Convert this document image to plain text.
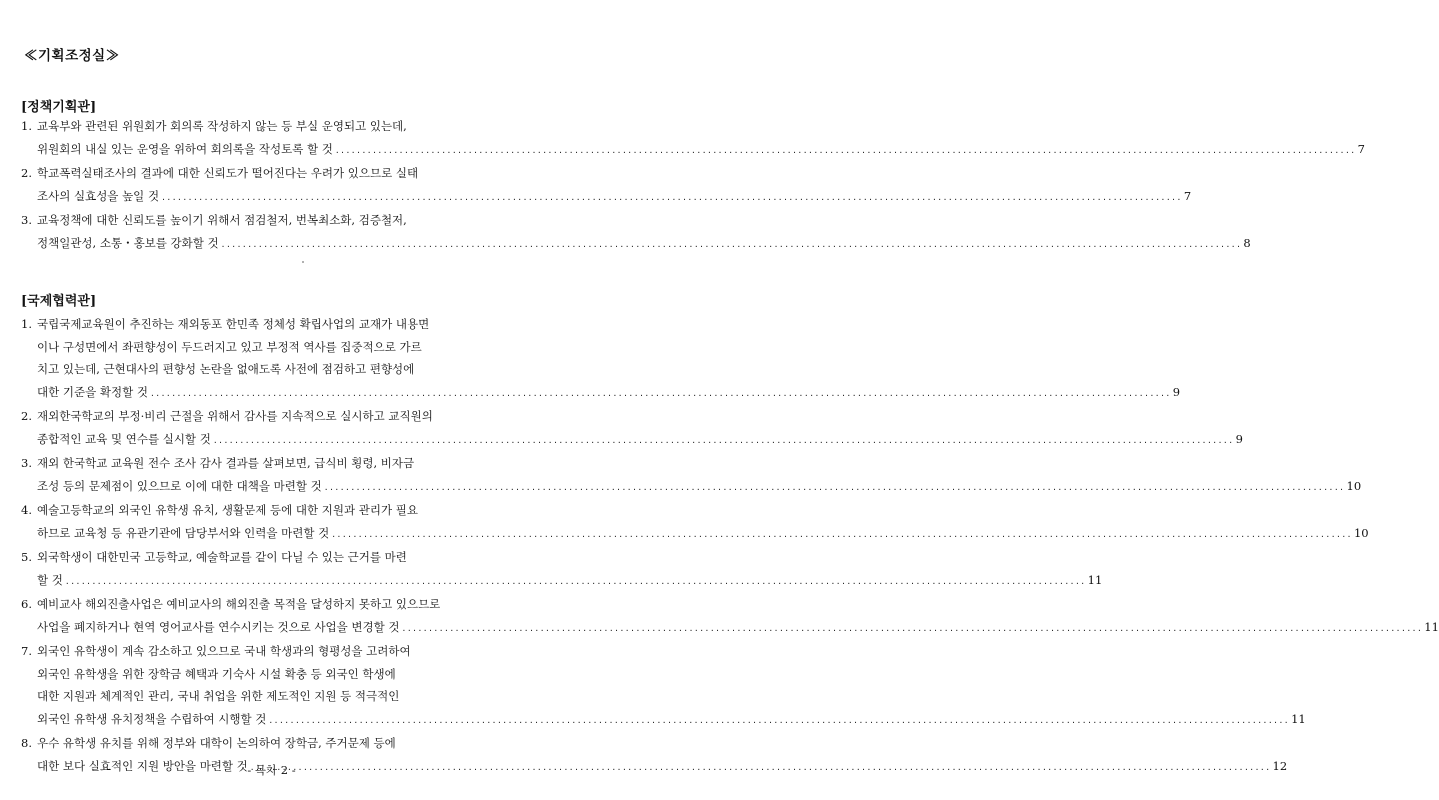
≪기획조정실≫
[정책기획관]
1. 교육부와 관련된 위원회가 회의록 작성하지 않는 등 부실 운영되고 있는데,
위원회의 내실 있는 운영을 위하여 회의록을 작성토록 할 것 .....	7
2. 학교폭력실태조사의 결과에 대한 신뢰도가 떨어진다는 우려가 있으므로 실태
조사의 실효성을 높일 것 .....	7
3. 교육정책에 대한 신뢰도를 높이기 위해서 점검철저, 번복최소화, 검증철저,
정책일관성, 소통・홍보를 강화할 것 .....	8
[국제협력관]
1. 국립국제교육원이 추진하는 재외동포 한민족 정체성 확립사업의 교재가 내용면
이나 구성면에서 좌편향성이 두드러지고 있고 부정적 역사를 집중적으로 가르
치고 있는데, 근현대사의 편향성 논란을 없애도록 사전에 점검하고 편향성에
대한 기준을 확정할 것 .....	9
2. 재외한국학교의 부정·비리 근절을 위해서 감사를 지속적으로 실시하고 교직원의
종합적인 교육 및 연수를 실시할 것 .....	9
3. 재외 한국학교 교육원 전수 조사 감사 결과를 살펴보면, 급식비 횡령, 비자금
조성 등의 문제점이 있으므로 이에 대한 대책을 마련할 것 .....	10
4. 예술고등학교의 외국인 유학생 유치, 생활문제 등에 대한 지원과 관리가 필요
하므로 교육청 등 유관기관에 담당부서와 인력을 마련할 것 .....	10
5. 외국학생이 대한민국 고등학교, 예술학교를 같이 다닐 수 있는 근거를 마련
할 것 .....	11
6. 예비교사 해외진출사업은 예비교사의 해외진출 목적을 달성하지 못하고 있으므로
사업을 폐지하거나 현역 영어교사를 연수시키는 것으로 사업을 변경할 것 .....	11
7. 외국인 유학생이 계속 감소하고 있으므로 국내 학생과의 형평성을 고려하여
외국인 유학생을 위한 장학금 혜택과 기숙사 시설 확충 등 외국인 학생에
대한 지원과 체계적인 관리, 국내 취업을 위한 제도적인 지원 등 적극적인
외국인 유학생 유치정책을 수립하여 시행할 것 .....	11
8. 우수 유학생 유치를 위해 정부와 대학이 논의하여 장학금, 주거문제 등에
대한 보다 실효적인 지원 방안을 마련할 것 .....	12
- 목차 2 -
